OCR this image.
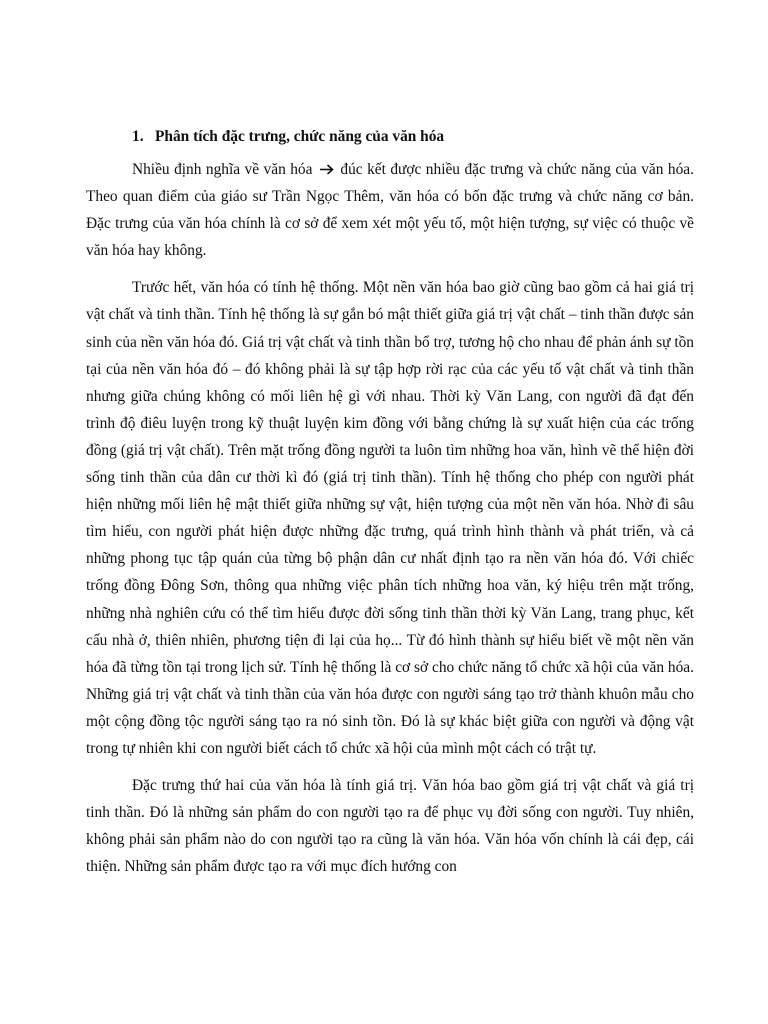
1. Phân tích đặc trưng, chức năng của văn hóa

Nhiều định nghĩa về văn hóa đúc kết được nhiều đặc trưng và chức năng của văn hóa. Theo quan điểm của giáo sư Trần Ngọc Thêm, văn hóa có bốn đặc trưng và chức năng cơ bản. Đặc trưng của văn hóa chính là cơ sở để xem xét một yếu tố, một hiện tượng, sự việc có thuộc về văn hóa hay không.

Trước hết, văn hóa có tính hệ thống. Một nền văn hóa bao giờ cũng bao gồm cả hai giá trị vật chất và tinh thần. Tính hệ thống là sự gắn bó mật thiết giữa giá trị vật chất – tinh thần được sản sinh của nền văn hóa đó. Giá trị vật chất và tinh thần bổ trợ, tương hộ cho nhau để phản ánh sự tồn tại của nền văn hóa đó – đó không phải là sự tập hợp rời rạc của các yếu tố vật chất và tinh thần nhưng giữa chúng không có mối liên hệ gì với nhau. Thời kỳ Văn Lang, con người đã đạt đến trình độ điêu luyện trong kỹ thuật luyện kim đồng với bằng chứng là sự xuất hiện của các trống đồng (giá trị vật chất). Trên mặt trống đồng người ta luôn tìm những hoa văn, hình vẽ thể hiện đời sống tinh thần của dân cư thời kì đó (giá trị tinh thần). Tính hệ thống cho phép con người phát hiện những mối liên hệ mật thiết giữa những sự vật, hiện tượng của một nền văn hóa. Nhờ đi sâu tìm hiểu, con người phát hiện được những đặc trưng, quá trình hình thành và phát triển, và cả những phong tục tập quán của từng bộ phận dân cư nhất định tạo ra nền văn hóa đó. Với chiếc trống đồng Đông Sơn, thông qua những việc phân tích những hoa văn, ký hiệu trên mặt trống, những nhà nghiên cứu có thể tìm hiểu được đời sống tinh thần thời kỳ Văn Lang, trang phục, kết cấu nhà ở, thiên nhiên, phương tiện đi lại của họ... Từ đó hình thành sự hiểu biết về một nền văn hóa đã từng tồn tại trong lịch sử. Tính hệ thống là cơ sở cho chức năng tổ chức xã hội của văn hóa. Những giá trị vật chất và tinh thần của văn hóa được con người sáng tạo trở thành khuôn mẫu cho một cộng đồng tộc người sáng tạo ra nó sinh tồn. Đó là sự khác biệt giữa con người và động vật trong tự nhiên khi con người biết cách tổ chức xã hội của mình một cách có trật tự.

Đặc trưng thứ hai của văn hóa là tính giá trị. Văn hóa bao gồm giá trị vật chất và giá trị tinh thần. Đó là những sản phẩm do con người tạo ra để phục vụ đời sống con người. Tuy nhiên, không phải sản phẩm nào do con người tạo ra cũng là văn hóa. Văn hóa vốn chính là cái đẹp, cái thiện. Những sản phẩm được tạo ra với mục đích hướng con
